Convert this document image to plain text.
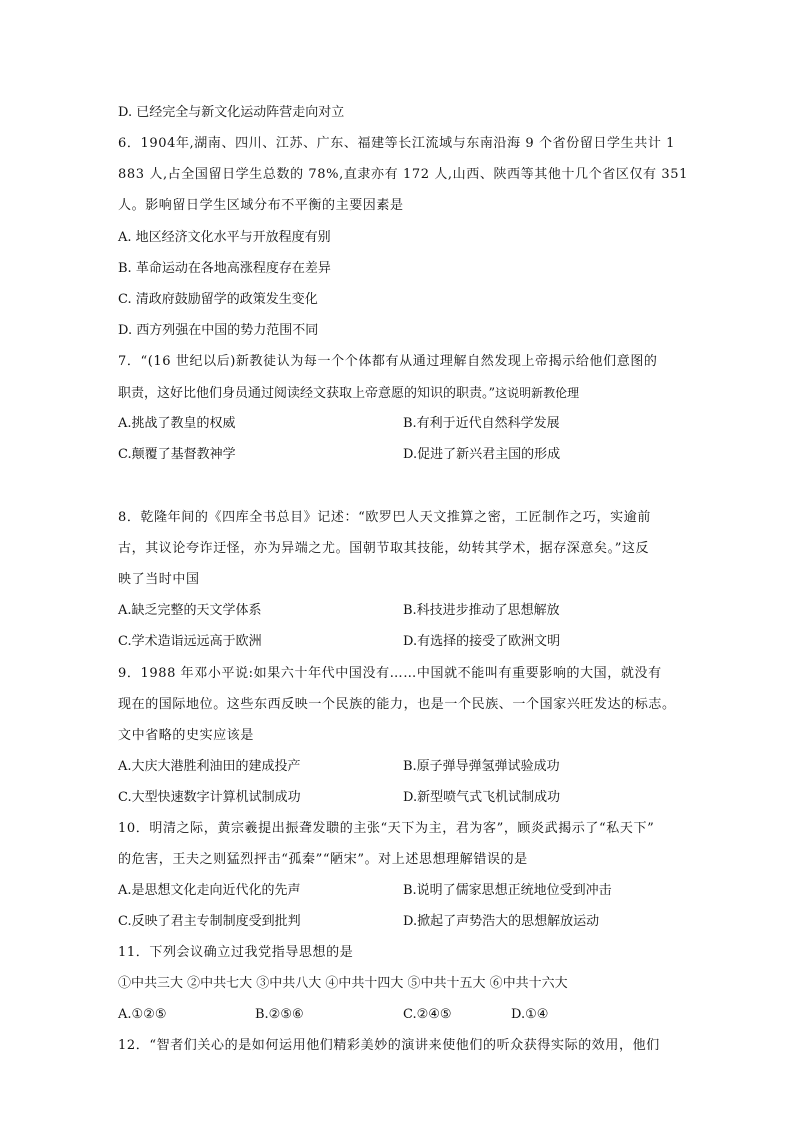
D. 已经完全与新文化运动阵营走向对立
6．1904年,湖南、四川、江苏、广东、福建等长江流域与东南沿海 9 个省份留日学生共计 1
883 人,占全国留日学生总数的 78%,直隶亦有 172 人,山西、陕西等其他十几个省区仅有 351
人。影响留日学生区域分布不平衡的主要因素是
A. 地区经济文化水平与开放程度有别
B. 革命运动在各地高涨程度存在差异
C. 清政府鼓励留学的政策发生变化
D. 西方列强在中国的势力范围不同
7．“(16 世纪以后)新教徒认为每一个个体都有从通过理解自然发现上帝揭示给他们意图的
职责，这好比他们身员通过阅读经文获取上帝意愿的知识的职责。”这说明新教伦理
A.挑战了教皇的权威	B.有利于近代自然科学发展
C.颠覆了基督教神学	D.促进了新兴君主国的形成
8．乾隆年间的《四库全书总目》记述：“欧罗巴人天文推算之密，工匠制作之巧，实逾前
古，其议论夸诈迂怪，亦为异端之尤。国朝节取其技能，幼转其学术，据存深意矣。”这反
映了当时中国
A.缺乏完整的天文学体系	B.科技进步推动了思想解放
C.学术造诣远远高于欧洲	D.有选择的接受了欧洲文明
9．1988 年邓小平说:如果六十年代中国没有……中国就不能叫有重要影响的大国，就没有
现在的国际地位。这些东西反映一个民族的能力，也是一个民族、一个国家兴旺发达的标志。
文中省略的史实应该是
A.大庆大港胜利油田的建成投产	B.原子弹导弹氢弹试验成功
C.大型快速数字计算机试制成功	D.新型喷气式飞机试制成功
10．明清之际，黄宗羲提出振聋发聩的主张“天下为主，君为客”，顾炎武揭示了“私天下”
的危害，王夫之则猛烈抨击“孤秦”“陋宋”。对上述思想理解错误的是
A.是思想文化走向近代化的先声	B.说明了儒家思想正统地位受到冲击
C.反映了君主专制制度受到批判	D.掀起了声势浩大的思想解放运动
11．下列会议确立过我党指导思想的是
①中共三大 ②中共七大 ③中共八大 ④中共十四大 ⑤中共十五大 ⑥中共十六大
A.①②⑤	B.②⑤⑥	C.②④⑤	D.①④
12．“智者们关心的是如何运用他们精彩美妙的演讲来使他们的听众获得实际的效用，他们
